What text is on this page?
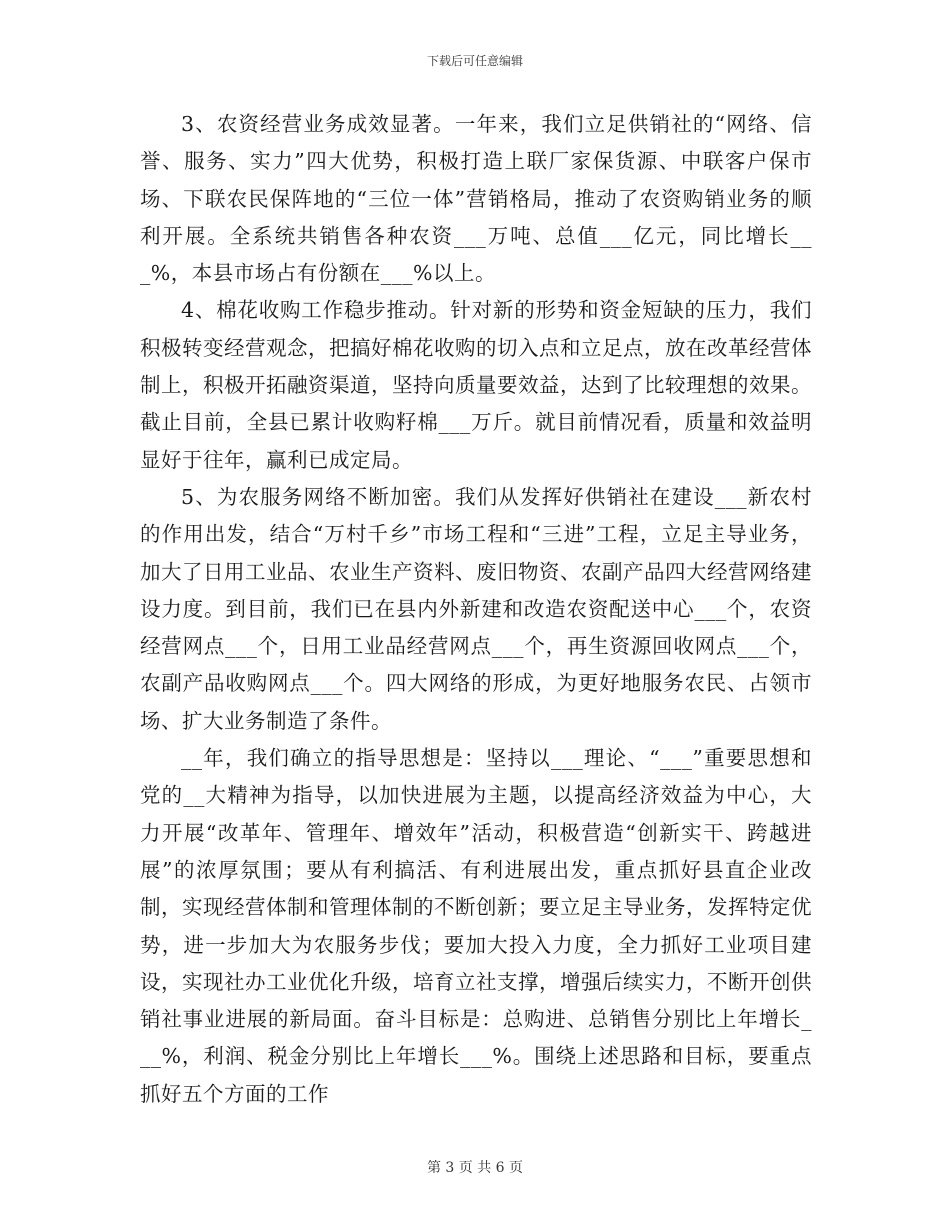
下载后可任意编辑

3、农资经营业务成效显著。一年来，我们立足供销社的“网络、信誉、服务、实力”四大优势，积极打造上联厂家保货源、中联客户保市场、下联农民保阵地的“三位一体”营销格局，推动了农资购销业务的顺利开展。全系统共销售各种农资___万吨、总值___亿元，同比增长___%，本县市场占有份额在___%以上。

4、棉花收购工作稳步推动。针对新的形势和资金短缺的压力，我们积极转变经营观念，把搞好棉花收购的切入点和立足点，放在改革经营体制上，积极开拓融资渠道，坚持向质量要效益，达到了比较理想的效果。截止目前，全县已累计收购籽棉___万斤。就目前情况看，质量和效益明显好于往年，赢利已成定局。

5、为农服务网络不断加密。我们从发挥好供销社在建设___新农村的作用出发，结合“万村千乡”市场工程和“三进”工程，立足主导业务，加大了日用工业品、农业生产资料、废旧物资、农副产品四大经营网络建设力度。到目前，我们已在县内外新建和改造农资配送中心___个，农资经营网点___个，日用工业品经营网点___个，再生资源回收网点___个，农副产品收购网点___个。四大网络的形成，为更好地服务农民、占领市场、扩大业务制造了条件。

__年，我们确立的指导思想是：坚持以___理论、“___”重要思想和党的__大精神为指导，以加快进展为主题，以提高经济效益为中心，大力开展“改革年、管理年、增效年”活动，积极营造“创新实干、跨越进展”的浓厚氛围；要从有利搞活、有利进展出发，重点抓好县直企业改制，实现经营体制和管理体制的不断创新；要立足主导业务，发挥特定优势，进一步加大为农服务步伐；要加大投入力度，全力抓好工业项目建设，实现社办工业优化升级，培育立社支撑，增强后续实力，不断开创供销社事业进展的新局面。奋斗目标是：总购进、总销售分别比上年增长___%，利润、税金分别比上年增长___%。围绕上述思路和目标，要重点抓好五个方面的工作

第 3 页 共 6 页
